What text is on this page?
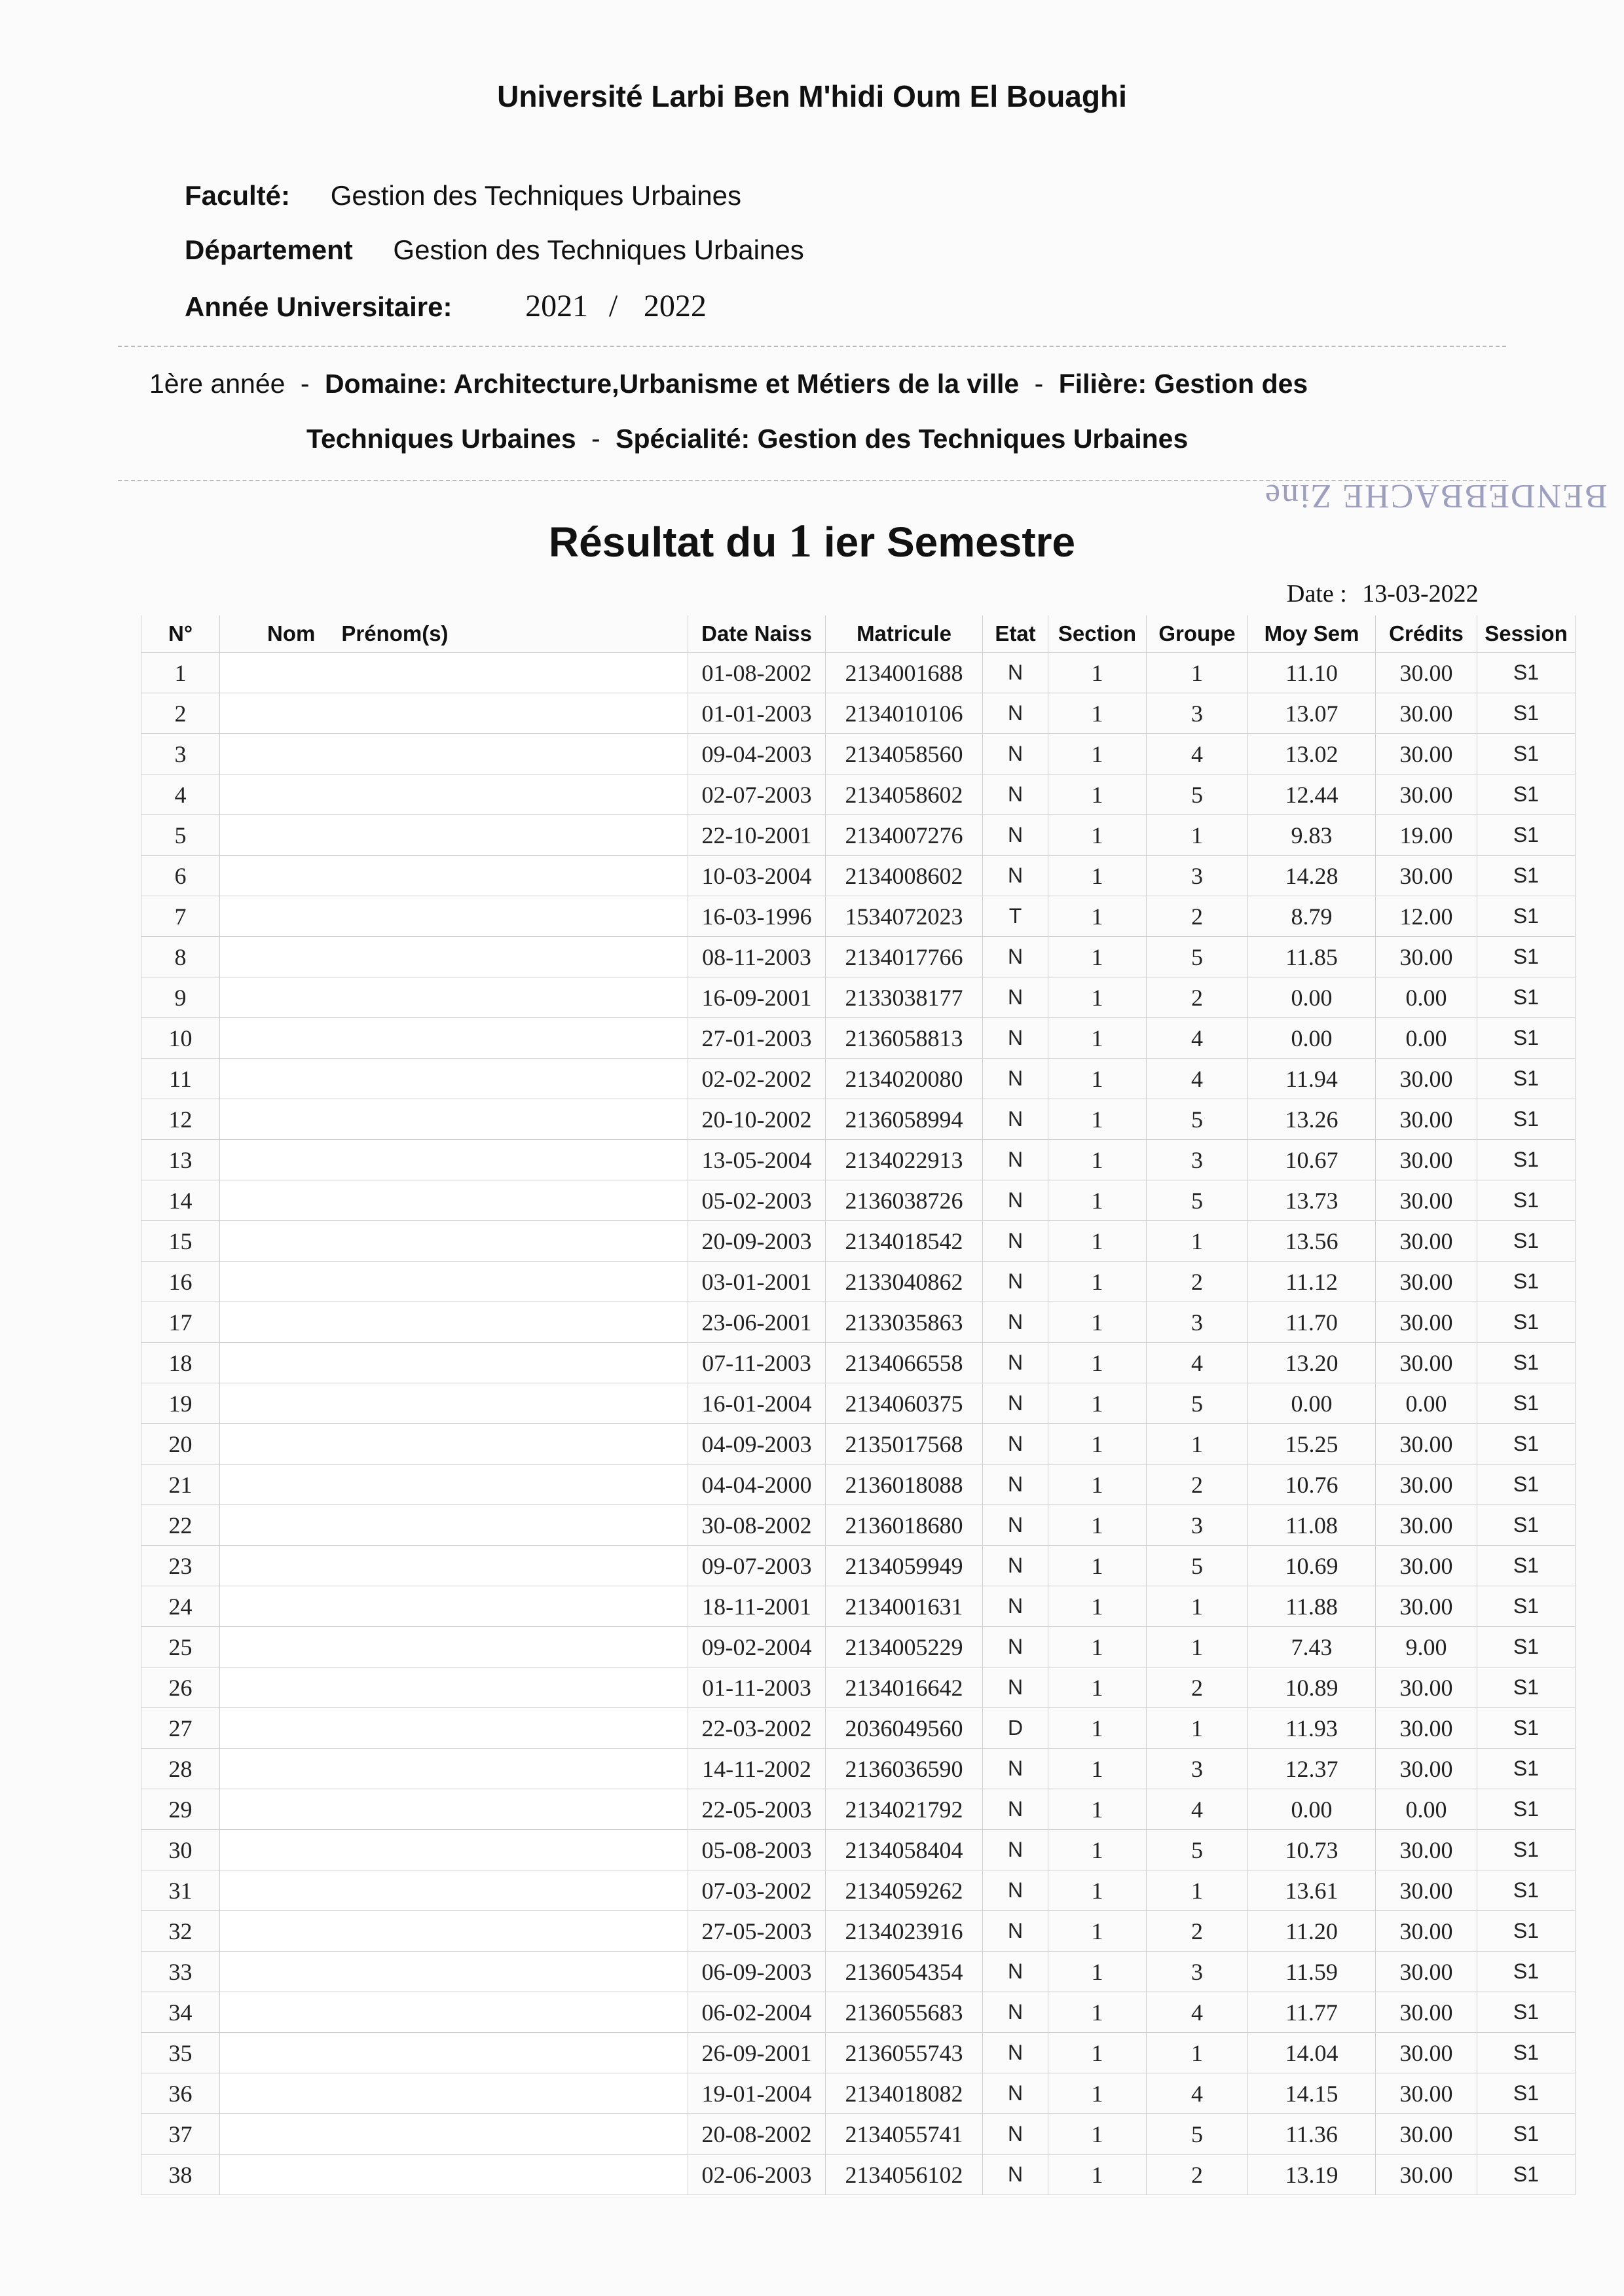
Université Larbi Ben M'hidi Oum El Bouaghi
Faculté: Gestion des Techniques Urbaines
Département Gestion des Techniques Urbaines
Année Universitaire: 2021 / 2022
1ère année - Domaine: Architecture,Urbanisme et Métiers de la ville - Filière: Gestion des
Techniques Urbaines - Spécialité: Gestion des Techniques Urbaines
BENDEBBACHE Zine
Résultat du 1 ier Semestre
Date : 13-03-2022
N°	Nom Prénom(s)	Date Naiss	Matricule	Etat	Section	Groupe	Moy Sem	Crédits	Session
1		01-08-2002	2134001688	N	1	1	11.10	30.00	S1
2		01-01-2003	2134010106	N	1	3	13.07	30.00	S1
3		09-04-2003	2134058560	N	1	4	13.02	30.00	S1
4		02-07-2003	2134058602	N	1	5	12.44	30.00	S1
5		22-10-2001	2134007276	N	1	1	9.83	19.00	S1
6		10-03-2004	2134008602	N	1	3	14.28	30.00	S1
7		16-03-1996	1534072023	T	1	2	8.79	12.00	S1
8		08-11-2003	2134017766	N	1	5	11.85	30.00	S1
9		16-09-2001	2133038177	N	1	2	0.00	0.00	S1
10		27-01-2003	2136058813	N	1	4	0.00	0.00	S1
11		02-02-2002	2134020080	N	1	4	11.94	30.00	S1
12		20-10-2002	2136058994	N	1	5	13.26	30.00	S1
13		13-05-2004	2134022913	N	1	3	10.67	30.00	S1
14		05-02-2003	2136038726	N	1	5	13.73	30.00	S1
15		20-09-2003	2134018542	N	1	1	13.56	30.00	S1
16		03-01-2001	2133040862	N	1	2	11.12	30.00	S1
17		23-06-2001	2133035863	N	1	3	11.70	30.00	S1
18		07-11-2003	2134066558	N	1	4	13.20	30.00	S1
19		16-01-2004	2134060375	N	1	5	0.00	0.00	S1
20		04-09-2003	2135017568	N	1	1	15.25	30.00	S1
21		04-04-2000	2136018088	N	1	2	10.76	30.00	S1
22		30-08-2002	2136018680	N	1	3	11.08	30.00	S1
23		09-07-2003	2134059949	N	1	5	10.69	30.00	S1
24		18-11-2001	2134001631	N	1	1	11.88	30.00	S1
25		09-02-2004	2134005229	N	1	1	7.43	9.00	S1
26		01-11-2003	2134016642	N	1	2	10.89	30.00	S1
27		22-03-2002	2036049560	D	1	1	11.93	30.00	S1
28		14-11-2002	2136036590	N	1	3	12.37	30.00	S1
29		22-05-2003	2134021792	N	1	4	0.00	0.00	S1
30		05-08-2003	2134058404	N	1	5	10.73	30.00	S1
31		07-03-2002	2134059262	N	1	1	13.61	30.00	S1
32		27-05-2003	2134023916	N	1	2	11.20	30.00	S1
33		06-09-2003	2136054354	N	1	3	11.59	30.00	S1
34		06-02-2004	2136055683	N	1	4	11.77	30.00	S1
35		26-09-2001	2136055743	N	1	1	14.04	30.00	S1
36		19-01-2004	2134018082	N	1	4	14.15	30.00	S1
37		20-08-2002	2134055741	N	1	5	11.36	30.00	S1
38		02-06-2003	2134056102	N	1	2	13.19	30.00	S1
